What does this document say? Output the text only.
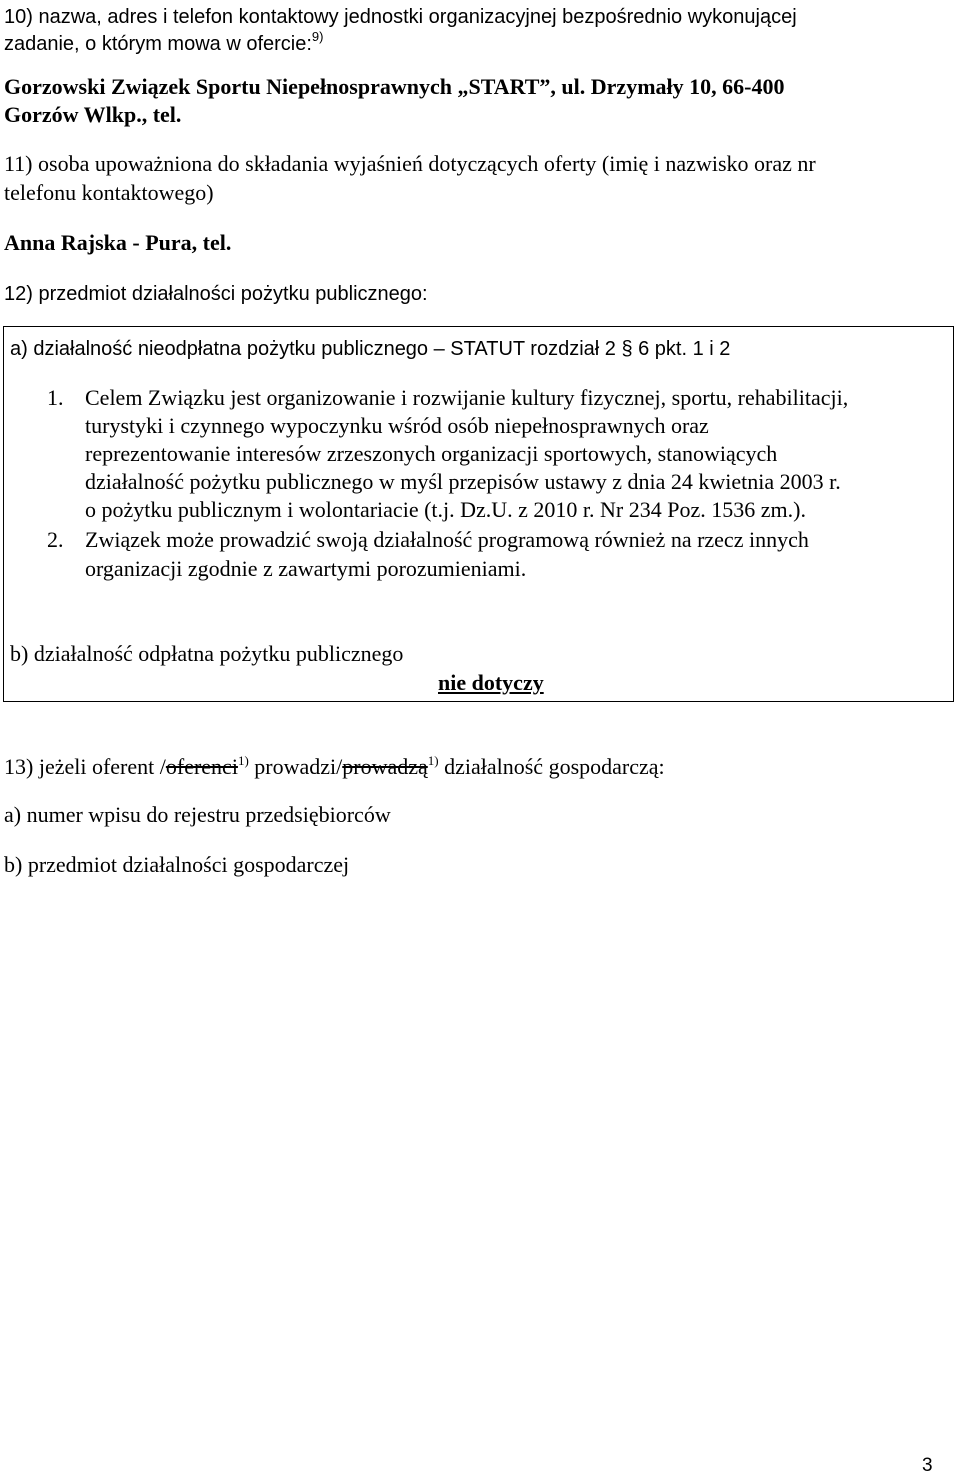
10) nazwa, adres i telefon kontaktowy jednostki organizacyjnej bezpośrednio wykonującej
zadanie, o którym mowa w ofercie:$^{9)}$
Gorzowski Związek Sportu Niepełnosprawnych „START”, ul. Drzymały 10, 66-400
Gorzów Wlkp., tel.
11) osoba upoważniona do składania wyjaśnień dotyczących oferty (imię i nazwisko oraz nr
telefonu kontaktowego)
Anna Rajska - Pura, tel.
12) przedmiot działalności pożytku publicznego:
a) działalność nieodpłatna pożytku publicznego – STATUT rozdział 2 § 6 pkt. 1 i 2
1. Celem Związku jest organizowanie i rozwijanie kultury fizycznej, sportu, rehabilitacji,
turystyki i czynnego wypoczynku wśród osób niepełnosprawnych oraz
reprezentowanie interesów zrzeszonych organizacji sportowych, stanowiących
działalność pożytku publicznego w myśl przepisów ustawy z dnia 24 kwietnia 2003 r.
o pożytku publicznym i wolontariacie (t.j. Dz.U. z 2010 r. Nr 234 Poz. 1536 zm.).
2. Związek może prowadzić swoją działalność programową również na rzecz innych
organizacji zgodnie z zawartymi porozumieniami.
b) działalność odpłatna pożytku publicznego
nie dotyczy
13) jeżeli oferent /oferenci$^{1)}$ prowadzi/prowadzą$^{1)}$ działalność gospodarczą:
a) numer wpisu do rejestru przedsiębiorców
b) przedmiot działalności gospodarczej
3
